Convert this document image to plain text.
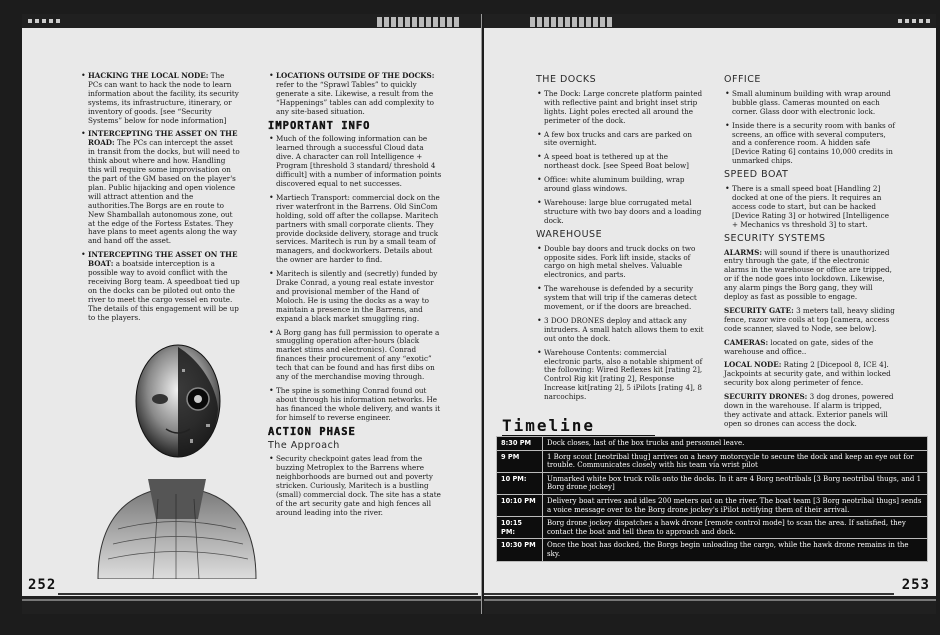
• HACKING THE LOCAL NODE: The PCs can want to hack the node to learn information about the facility, its security systems, its infrastructure, itinerary, or inventory of goods. [see “Security Systems” below for node information]
• INTERCEPTING THE ASSET ON THE ROAD: The PCs can intercept the asset in transit from the docks, but will need to think about where and how. Handling this will require some improvisation on the part of the GM based on the player's plan. Public hijacking and open violence will attract attention and the authorities.The Borgs are en route to New Shamballah autonomous zone, out at the edge of the Fortess Estates. They have plans to meet agents along the way and hand off the asset.
• INTERCEPTING THE ASSET ON THE BOAT: a boatside interception is a possible way to avoid conflict with the receiving Borg team. A speedboat tied up on the docks can be piloted out onto the river to meet the cargo vessel en route. The details of this engagement will be up to the players.
• LOCATIONS OUTSIDE OF THE DOCKS: refer to the “Sprawl Tables” to quickly generate a site. Likewise, a result from the “Happenings” tables can add complexity to any site-based situation.
IMPORTANT INFO
• Much of the following information can be learned through a successful Cloud data dive. A character can roll Intelligence + Program [threshold 3 standard/ threshold 4 difficult] with a number of information points discovered equal to net successes.
• Martiech Transport: commercial dock on the river waterfront in the Barrens. Old SinCom holding, sold off after the collapse. Maritech partners with small corporate clients. They provide dockside delivery, storage and truck services. Maritech is run by a small team of managers, and dockworkers. Details about the owner are harder to find.
• Maritech is silently and (secretly) funded by Drake Conrad, a young real estate investor and provisional member of the Hand of Moloch. He is using the docks as a way to maintain a presence in the Barrens, and expand a black market smuggling ring.
• A Borg gang has full permission to operate a smuggling operation after-hours (black market stims and electronics). Conrad finances their procurement of any “exotic” tech that can be found and has first dibs on any of the merchandise moving through.
• The spine is something Conrad found out about through his information networks. He has financed the whole delivery, and wants it for himself to reverse engineer.
ACTION PHASE
The Approach
• Security checkpoint gates lead from the buzzing Metroplex to the Barrens where neighborhoods are burned out and poverty stricken. Curiously, Maritech is a bustling (small) commercial dock. The site has a state of the art security gate and high fences all around leading into the river.
252
THE DOCKS
• The Dock: Large concrete platform painted with reflective paint and bright inset strip lights. Light poles erected all around the perimeter of the dock.
• A few box trucks and cars are parked on site overnight.
• A speed boat is tethered up at the northeast dock. [see Speed Boat below]
• Office: white aluminum building, wrap around glass windows.
• Warehouse: large blue corrugated metal structure with two bay doors and a loading dock.
WAREHOUSE
• Double bay doors and truck docks on two opposite sides. Fork lift inside, stacks of cargo on high metal shelves. Valuable electronics, and parts.
• The warehouse is defended by a security system that will trip if the cameras detect movement, or if the doors are breached.
• 3 DOO DRONES deploy and attack any intruders. A small hatch allows them to exit out onto the dock.
• Warehouse Contents: commercial electronic parts, also a notable shipment of the following: Wired Reflexes kit [rating 2], Control Rig kit [rating 2], Response Increase kit[rating 2], 5 iPilots [rating 4], 8 narcochips.
OFFICE
• Small aluminum building with wrap around bubble glass. Cameras mounted on each corner. Glass door with electronic lock.
• Inside there is a security room with banks of screens, an office with several computers, and a conference room. A hidden safe [Device Rating 6] contains 10,000 credits in unmarked chips.
SPEED BOAT
• There is a small speed boat [Handling 2] docked at one of the piers. It requires an access code to start, but can be hacked [Device Rating 3] or hotwired [Intelligence + Mechanics vs threshold 3] to start.
SECURITY SYSTEMS

ALARMS: will sound if there is unauthorized entry through the gate, if the electronic alarms in the warehouse or office are tripped, or if the node goes into lockdown. Likewise, any alarm pings the Borg gang, they will deploy as fast as possible to engage.

SECURITY GATE: 3 meters tall, heavy sliding fence, razor wire coils at top [camera, access code scanner, slaved to Node, see below].

CAMERAS: located on gate, sides of the warehouse and office..

LOCAL NODE: Rating 2 [Dicepool 8, ICE 4]. Jackpoints at security gate, and within locked security box along perimeter of fence.

SECURITY DRONES: 3 dog drones, powered down in the warehouse. If alarm is tripped, they activate and attack. Exterior panels will open so drones can access the dock.

Timeline
8:30 PM	Dock closes, last of the box trucks and personnel leave.
9 PM	1 Borg scout [neotribal thug] arrives on a heavy motorcycle to secure the dock and keep an eye out for trouble. Communicates closely with his team via wrist pilot
10 PM:	Unmarked white box truck rolls onto the docks. In it are 4 Borg neotribals [3 Borg neotribal thugs, and 1 Borg drone jockey]
10:10 PM	Delivery boat arrives and idles 200 meters out on the river. The boat team [3 Borg neotribal thugs] sends a voice message over to the Borg drone jockey's iPilot notifying them of their arrival.
10:15 PM:	Borg drone jockey dispatches a hawk drone [remote control mode] to scan the area. If satisfied, they contact the boat and tell them to approach and dock.
10:30 PM	Once the boat has docked, the Borgs begin unloading the cargo, while the hawk drone remains in the sky.
253
